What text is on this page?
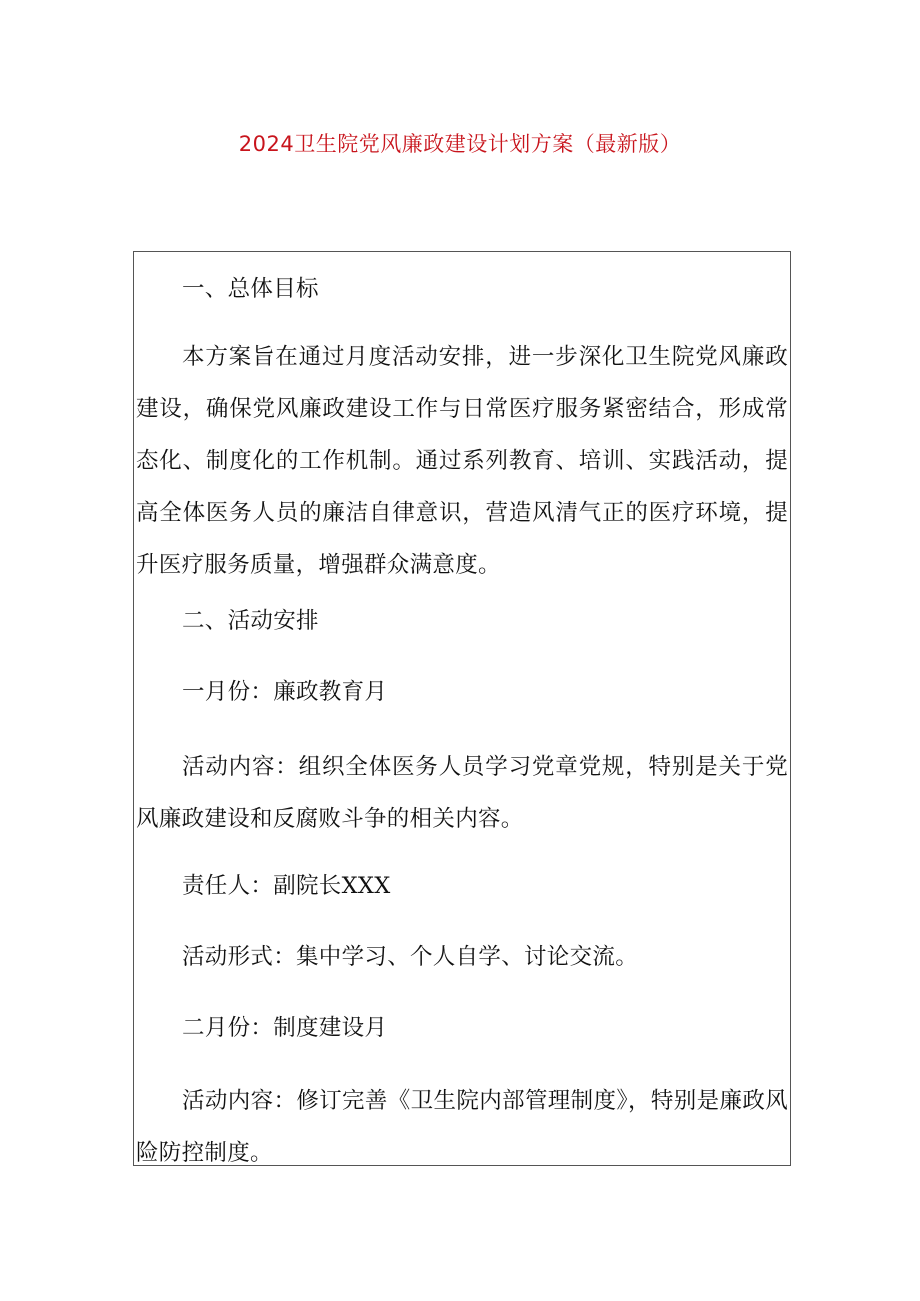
2024卫生院党风廉政建设计划方案（最新版）

一、总体目标

本方案旨在通过月度活动安排，进一步深化卫生院党风廉政建设，确保党风廉政建设工作与日常医疗服务紧密结合，形成常态化、制度化的工作机制。通过系列教育、培训、实践活动，提高全体医务人员的廉洁自律意识，营造风清气正的医疗环境，提升医疗服务质量，增强群众满意度。

二、活动安排

一月份：廉政教育月

活动内容：组织全体医务人员学习党章党规，特别是关于党风廉政建设和反腐败斗争的相关内容。

责任人：副院长XXX

活动形式：集中学习、个人自学、讨论交流。

二月份：制度建设月

活动内容：修订完善《卫生院内部管理制度》，特别是廉政风险防控制度。
